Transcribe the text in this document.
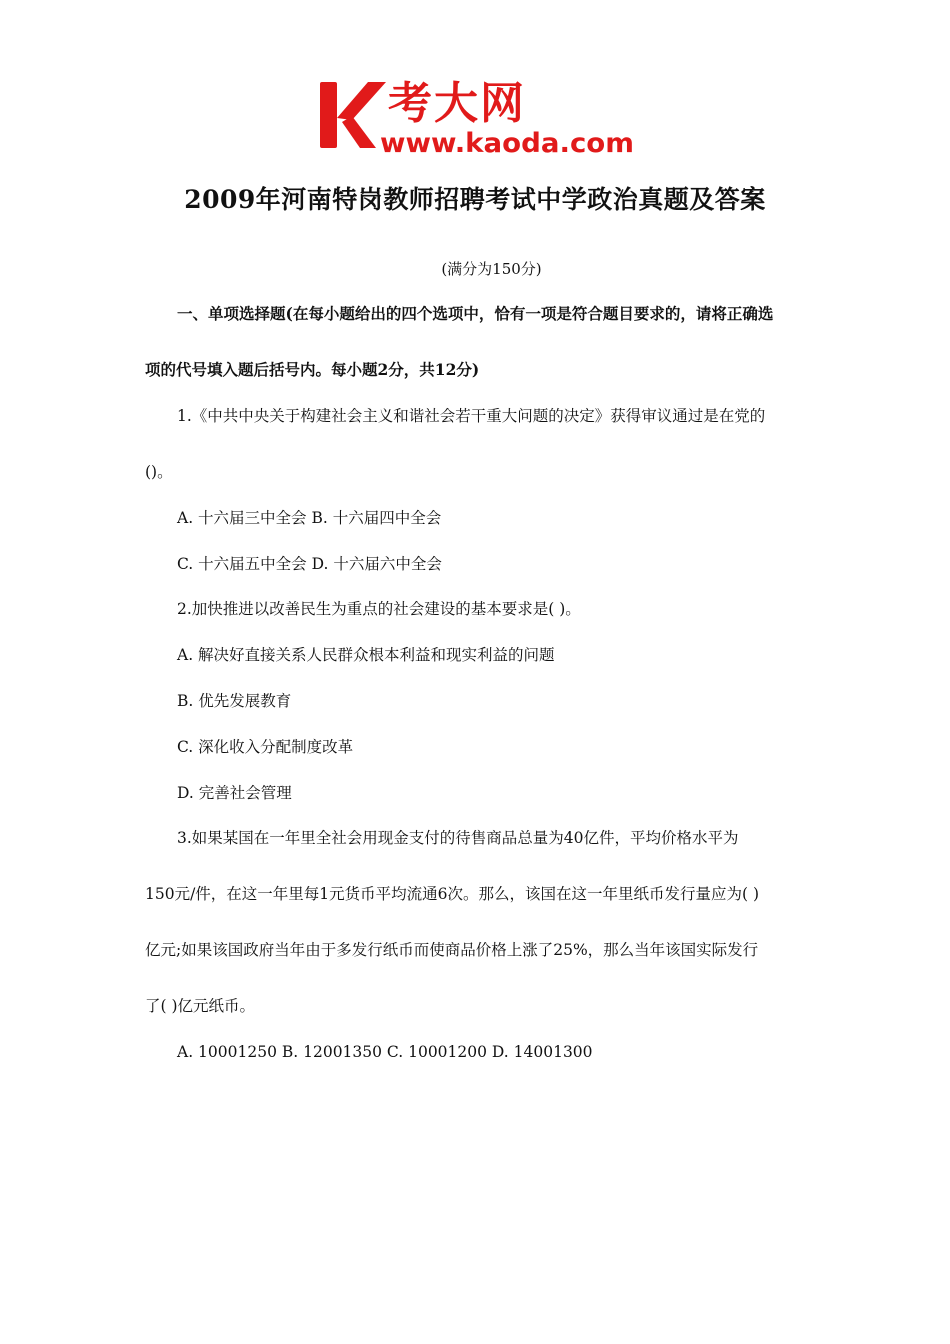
考大网
www.kaoda.com
2009年河南特岗教师招聘考试中学政治真题及答案
(满分为150分)
一、单项选择题(在每小题给出的四个选项中，恰有一项是符合题目要求的，请将正确选
项的代号填入题后括号内。每小题2分，共12分)
1.《中共中央关于构建社会主义和谐社会若干重大问题的决定》获得审议通过是在党的
()。
A. 十六届三中全会 B. 十六届四中全会
C. 十六届五中全会 D. 十六届六中全会
2.加快推进以改善民生为重点的社会建设的基本要求是( )。
A. 解决好直接关系人民群众根本利益和现实利益的问题
B. 优先发展教育
C. 深化收入分配制度改革
D. 完善社会管理
3.如果某国在一年里全社会用现金支付的待售商品总量为40亿件，平均价格水平为
150元/件，在这一年里每1元货币平均流通6次。那么，该国在这一年里纸币发行量应为( )
亿元;如果该国政府当年由于多发行纸币而使商品价格上涨了25%，那么当年该国实际发行
了( )亿元纸币。
A. 10001250 B. 12001350 C. 10001200 D. 14001300
